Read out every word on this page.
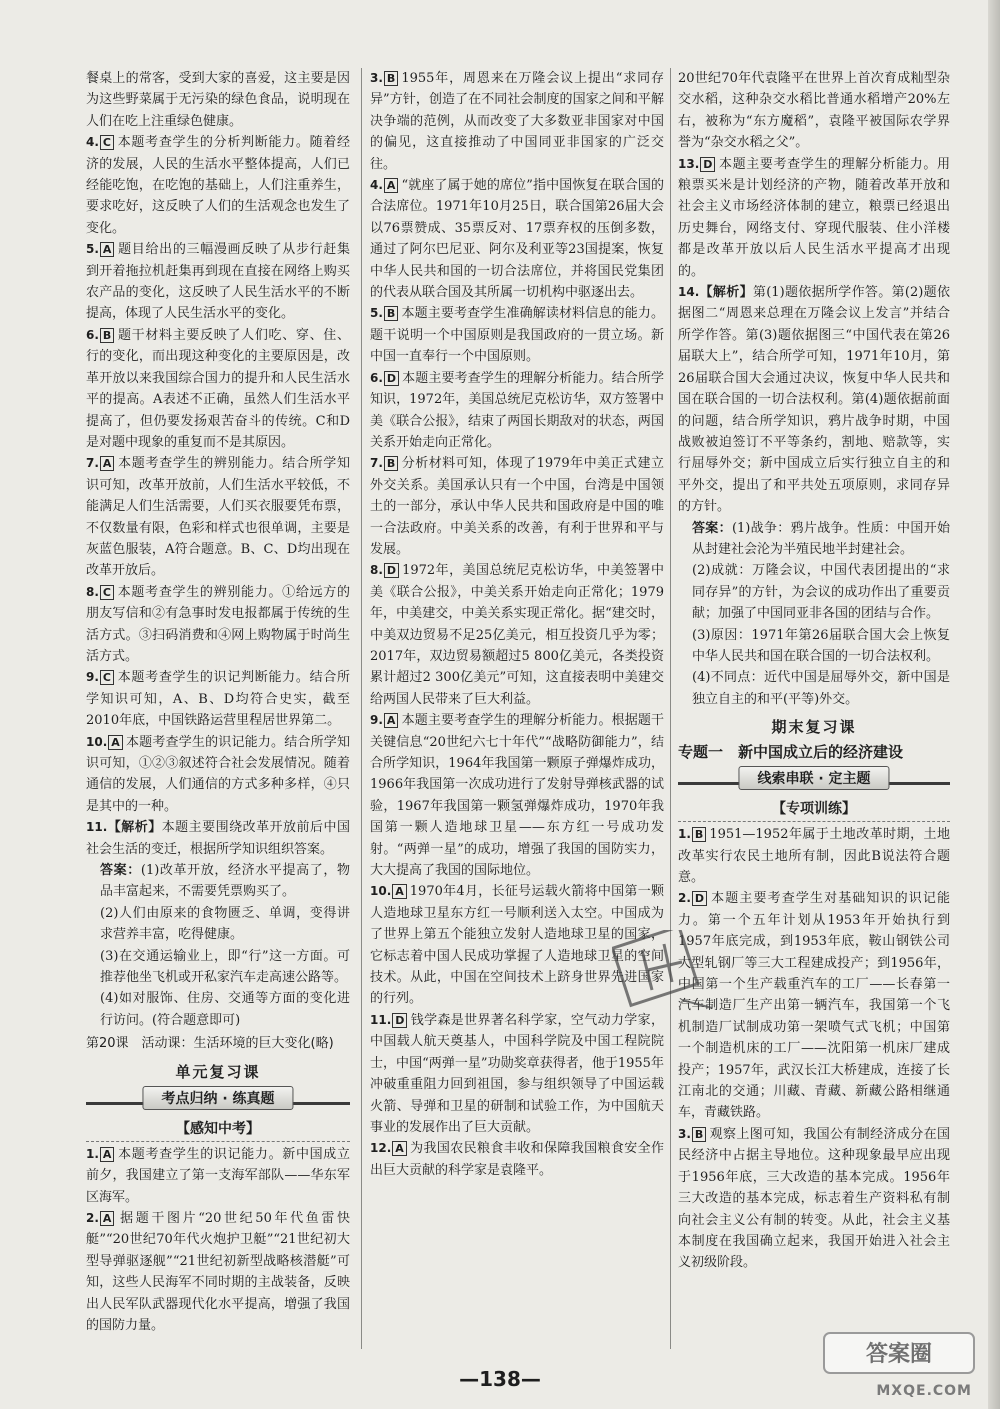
餐桌上的常客，受到大家的喜爱，这主要是因为这些野菜属于无污染的绿色食品，说明现在人们在吃上注重绿色健康。

4. C 本题考查学生的分析判断能力。随着经济的发展，人民的生活水平整体提高，人们已经能吃饱，在吃饱的基础上，人们注重养生，要求吃好，这反映了人们的生活观念也发生了变化。

5. A 题目给出的三幅漫画反映了从步行赶集到开着拖拉机赶集再到现在直接在网络上购买农产品的变化，这反映了人民生活水平的不断提高，体现了人民生活水平的变化。

6. B 题干材料主要反映了人们吃、穿、住、行的变化，而出现这种变化的主要原因是，改革开放以来我国综合国力的提升和人民生活水平的提高。A表述不正确，虽然人们生活水平提高了，但仍要发扬艰苦奋斗的传统。C和D是对题中现象的重复而不是其原因。

7. A 本题考查学生的辨别能力。结合所学知识可知，改革开放前，人们生活水平较低，不能满足人们生活需要，人们买衣服要凭布票，不仅数量有限，色彩和样式也很单调，主要是灰蓝色服装，A符合题意。B、C、D均出现在改革开放后。

8. C 本题考查学生的辨别能力。①给远方的朋友写信和②有急事时发电报都属于传统的生活方式。③扫码消费和④网上购物属于时尚生活方式。

9. C 本题考查学生的识记判断能力。结合所学知识可知，A、B、D均符合史实，截至2010年底，中国铁路运营里程居世界第二。

10. A 本题考查学生的识记能力。结合所学知识可知，①②③叙述符合社会发展情况。随着通信的发展，人们通信的方式多种多样，④只是其中的一种。

11.【解析】本题主要围绕改革开放前后中国社会生活的变迁，根据所学知识组织答案。

答案：(1)改革开放，经济水平提高了，物品丰富起来，不需要凭票购买了。

(2)人们由原来的食物匮乏、单调，变得讲求营养丰富，吃得健康。

(3)在交通运输业上，即“行”这一方面。可推荐他坐飞机或开私家汽车走高速公路等。

(4)如对服饰、住房、交通等方面的变化进行访问。(符合题意即可)

第20课　活动课：生活环境的巨大变化(略)

单元复习课
考点归纳 · 练真题
【感知中考】

1. A 本题考查学生的识记能力。新中国成立前夕，我国建立了第一支海军部队——华东军区海军。

2. A 据题干图片“20世纪50年代鱼雷快艇”“20世纪70年代火炮护卫艇”“21世纪初大型导弹驱逐舰”“21世纪初新型战略核潜艇”可知，这些人民海军不同时期的主战装备，反映出人民军队武器现代化水平提高，增强了我国的国防力量。

3. B 1955年，周恩来在万隆会议上提出“求同存异”方针，创造了在不同社会制度的国家之间和平解决争端的范例，从而改变了大多数亚非国家对中国的偏见，这直接推动了中国同亚非国家的广泛交往。

4. A “就座了属于她的席位”指中国恢复在联合国的合法席位。1971年10月25日，联合国第26届大会以76票赞成、35票反对、17票弃权的压倒多数，通过了阿尔巴尼亚、阿尔及利亚等23国提案，恢复中华人民共和国的一切合法席位，并将国民党集团的代表从联合国及其所属一切机构中驱逐出去。

5. B 本题主要考查学生准确解读材料信息的能力。题干说明一个中国原则是我国政府的一贯立场。新中国一直奉行一个中国原则。

6. D 本题主要考查学生的理解分析能力。结合所学知识，1972年，美国总统尼克松访华，双方签署中美《联合公报》，结束了两国长期敌对的状态，两国关系开始走向正常化。

7. B 分析材料可知，体现了1979年中美正式建立外交关系。美国承认只有一个中国，台湾是中国领土的一部分，承认中华人民共和国政府是中国的唯一合法政府。中美关系的改善，有利于世界和平与发展。

8. D 1972年，美国总统尼克松访华，中美签署中美《联合公报》，中美关系开始走向正常化；1979年，中美建交，中美关系实现正常化。据“建交时，中美双边贸易不足25亿美元，相互投资几乎为零；2017年，双边贸易额超过5 800亿美元，各类投资累计超过2 300亿美元”可知，这直接表明中美建交给两国人民带来了巨大利益。

9. A 本题主要考查学生的理解分析能力。根据题干关键信息“20世纪六七十年代”“战略防御能力”，结合所学知识，1964年我国第一颗原子弹爆炸成功，1966年我国第一次成功进行了发射导弹核武器的试验，1967年我国第一颗氢弹爆炸成功，1970年我国第一颗人造地球卫星——东方红一号成功发射。“两弹一星”的成功，增强了我国的国防实力，大大提高了我国的国际地位。

10. A 1970年4月，长征号运载火箭将中国第一颗人造地球卫星东方红一号顺利送入太空。中国成为了世界上第五个能独立发射人造地球卫星的国家，它标志着中国人民成功掌握了人造地球卫星的空间技术。从此，中国在空间技术上跻身世界先进国家的行列。

11. D 钱学森是世界著名科学家，空气动力学家，中国载人航天奠基人，中国科学院及中国工程院院士，中国“两弹一星”功勋奖章获得者，他于1955年冲破重重阻力回到祖国，参与组织领导了中国运载火箭、导弹和卫星的研制和试验工作，为中国航天事业的发展作出了巨大贡献。

12. A 为我国农民粮食丰收和保障我国粮食安全作出巨大贡献的科学家是袁隆平。

20世纪70年代袁隆平在世界上首次育成籼型杂交水稻，这种杂交水稻比普通水稻增产20%左右，被称为“东方魔稻”，袁隆平被国际农学界誉为“杂交水稻之父”。

13. D 本题主要考查学生的理解分析能力。用粮票买米是计划经济的产物，随着改革开放和社会主义市场经济体制的建立，粮票已经退出历史舞台，网络支付、穿现代服装、住小洋楼都是改革开放以后人民生活水平提高才出现的。

14.【解析】第(1)题依据所学作答。第(2)题依据图二“周恩来总理在万隆会议上发言”并结合所学作答。第(3)题依据图三“中国代表在第26届联大上”，结合所学可知，1971年10月，第26届联合国大会通过决议，恢复中华人民共和国在联合国的一切合法权利。第(4)题依据前面的问题，结合所学知识，鸦片战争时期，中国战败被迫签订不平等条约，割地、赔款等，实行屈辱外交；新中国成立后实行独立自主的和平外交，提出了和平共处五项原则，求同存异的方针。

答案：(1)战争：鸦片战争。性质：中国开始从封建社会沦为半殖民地半封建社会。

(2)成就：万隆会议，中国代表团提出的“求同存异”的方针，为会议的成功作出了重要贡献；加强了中国同亚非各国的团结与合作。

(3)原因：1971年第26届联合国大会上恢复中华人民共和国在联合国的一切合法权利。

(4)不同点：近代中国是屈辱外交，新中国是独立自主的和平(平等)外交。

期末复习课
专题一　新中国成立后的经济建设
线索串联 · 定主题
【专项训练】

1. B 1951—1952年属于土地改革时期，土地改革实行农民土地所有制，因此B说法符合题意。

2. D 本题主要考查学生对基础知识的识记能力。第一个五年计划从1953年开始执行到1957年底完成，到1953年底，鞍山钢铁公司大型轧钢厂等三大工程建成投产；到1956年，中国第一个生产载重汽车的工厂——长春第一汽车制造厂生产出第一辆汽车，我国第一个飞机制造厂试制成功第一架喷气式飞机；中国第一个制造机床的工厂——沈阳第一机床厂建成投产；1957年，武汉长江大桥建成，连接了长江南北的交通；川藏、青藏、新藏公路相继通车，青藏铁路。

3. B 观察上图可知，我国公有制经济成分在国民经济中占据主导地位。这种现象最早应出现于1956年底，三大改造的基本完成。1956年三大改造的基本完成，标志着生产资料私有制向社会主义公有制的转变。从此，社会主义基本制度在我国确立起来，我国开始进入社会主义初级阶段。

—138—
答案圈
MXQE.COM
